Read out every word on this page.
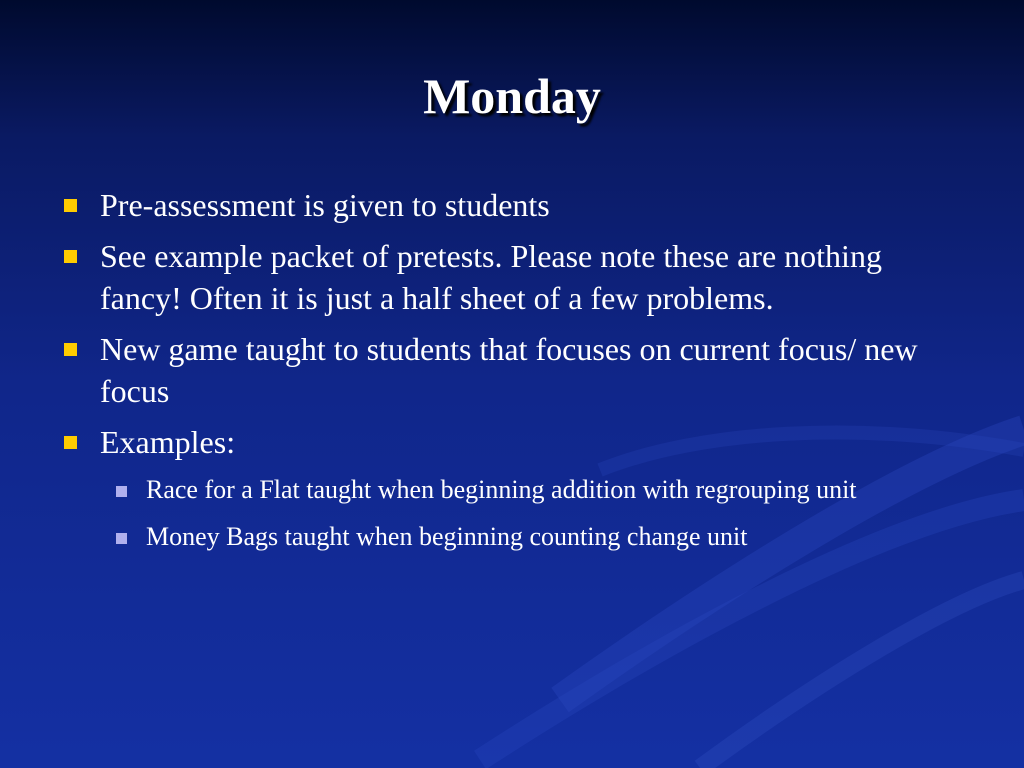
Monday
Pre-assessment is given to students
See example packet of pretests. Please note these are nothing fancy! Often it is just a half sheet of a few problems.
New game taught to students that focuses on current focus/ new focus
Examples:
Race for a Flat taught when beginning addition with regrouping unit
Money Bags taught when beginning counting change unit
